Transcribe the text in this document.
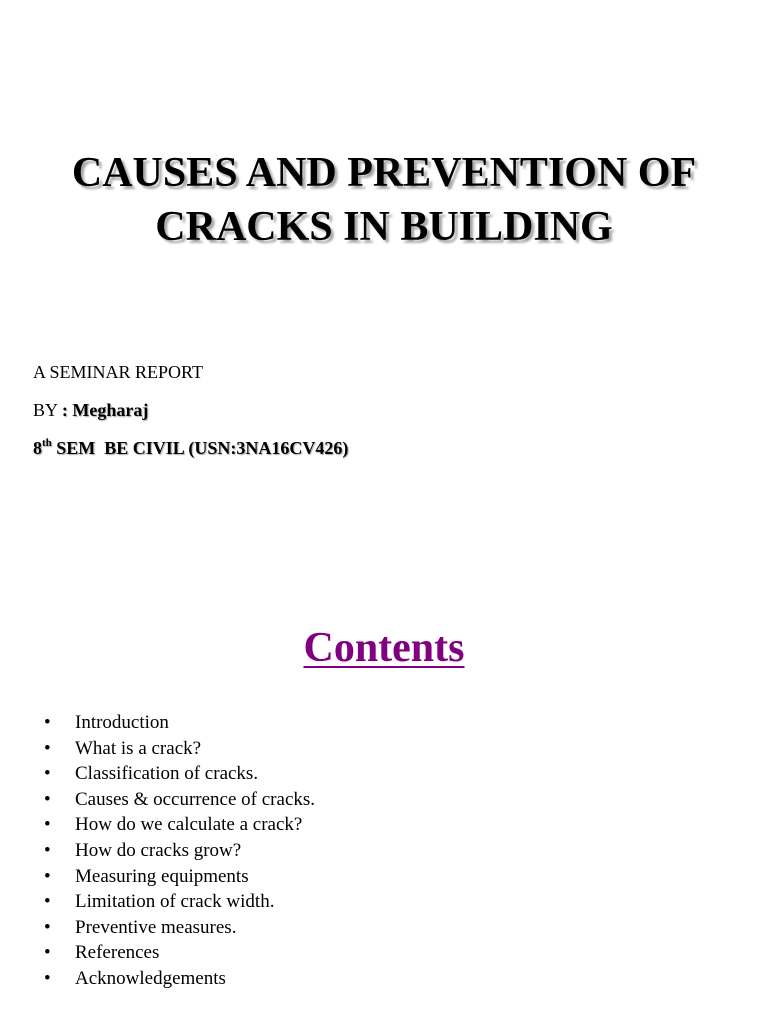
CAUSES AND PREVENTION OF
CRACKS IN BUILDING
A SEMINAR REPORT
BY : Megharaj
8th SEM  BE CIVIL (USN:3NA16CV426)
Contents
• Introduction
• What is a crack?
• Classification of cracks.
• Causes & occurrence of cracks.
• How do we calculate a crack?
• How do cracks grow?
• Measuring equipments
• Limitation of crack width.
• Preventive measures.
• References
• Acknowledgements
